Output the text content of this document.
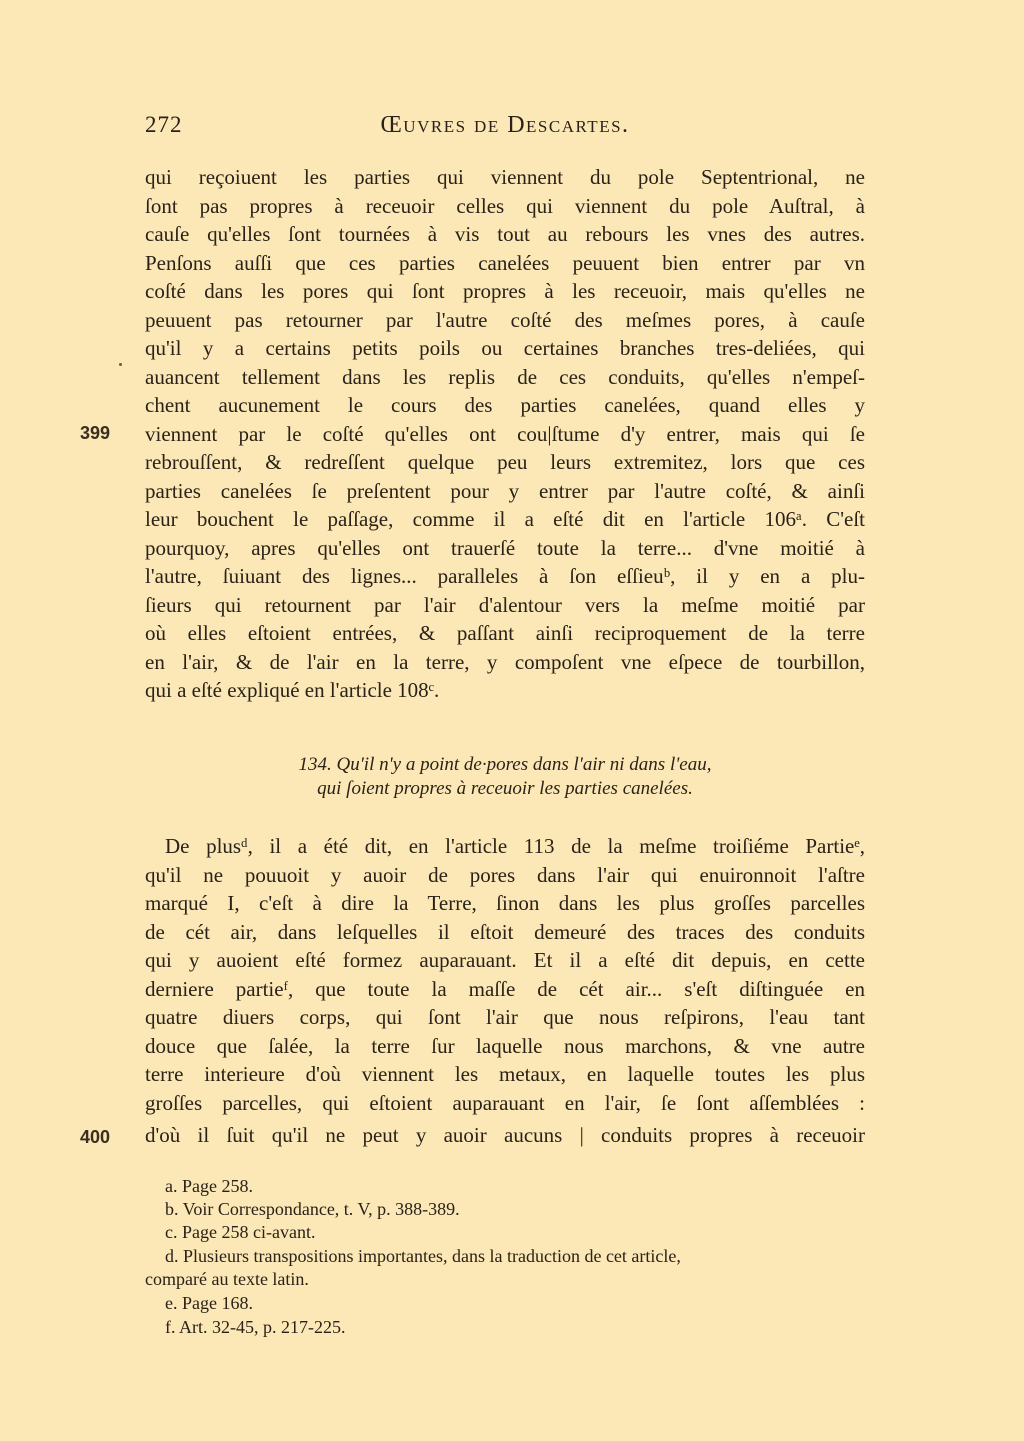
272	Œuvres de Descartes.
qui reçoiuent les parties qui viennent du pole Septentrional, ne
ſont pas propres à receuoir celles qui viennent du pole Auſtral, à
cauſe qu'elles ſont tournées à vis tout au rebours les vnes des autres.
Penſons auſſi que ces parties canelées peuuent bien entrer par vn
coſté dans les pores qui ſont propres à les receuoir, mais qu'elles ne
peuuent pas retourner par l'autre coſté des meſmes pores, à cauſe
qu'il y a certains petits poils ou certaines branches tres-deliées, qui
auancent tellement dans les replis de ces conduits, qu'elles n'empeſ-
chent aucunement le cours des parties canelées, quand elles y
399 viennent par le coſté qu'elles ont cou|ſtume d'y entrer, mais qui ſe
rebrouſſent, & redreſſent quelque peu leurs extremitez, lors que ces
parties canelées ſe preſentent pour y entrer par l'autre coſté, & ainſi
leur bouchent le paſſage, comme il a eſté dit en l'article 106ᵃ. C'eſt
pourquoy, apres qu'elles ont trauerſé toute la terre... d'vne moitié à
l'autre, ſuiuant des lignes... paralleles à ſon eſſieuᵇ, il y en a plu-
ſieurs qui retournent par l'air d'alentour vers la meſme moitié par
où elles eſtoient entrées, & paſſant ainſi reciproquement de la terre
en l'air, & de l'air en la terre, y compoſent vne eſpece de tourbillon,
qui a eſté expliqué en l'article 108ᶜ.
134. Qu'il n'y a point de·pores dans l'air ni dans l'eau,
qui ſoient propres à receuoir les parties canelées.
De plusᵈ, il a été dit, en l'article 113 de la meſme troiſiéme Partieᵉ,
qu'il ne pouuoit y auoir de pores dans l'air qui enuironnoit l'aſtre
marqué I, c'eſt à dire la Terre, ſinon dans les plus groſſes parcelles
de cét air, dans leſquelles il eſtoit demeuré des traces des conduits
qui y auoient eſté formez auparauant. Et il a eſté dit depuis, en cette
derniere partieᶠ, que toute la maſſe de cét air... s'eſt diſtinguée en
quatre diuers corps, qui ſont l'air que nous reſpirons, l'eau tant
douce que ſalée, la terre ſur laquelle nous marchons, & vne autre
terre interieure d'où viennent les metaux, en laquelle toutes les plus
groſſes parcelles, qui eſtoient auparauant en l'air, ſe ſont aſſemblées :
400 d'où il ſuit qu'il ne peut y auoir aucuns | conduits propres à receuoir
a. Page 258.
b. Voir Correspondance, t. V, p. 388-389.
c. Page 258 ci-avant.
d. Plusieurs transpositions importantes, dans la traduction de cet article,
comparé au texte latin.
e. Page 168.
f. Art. 32-45, p. 217-225.
